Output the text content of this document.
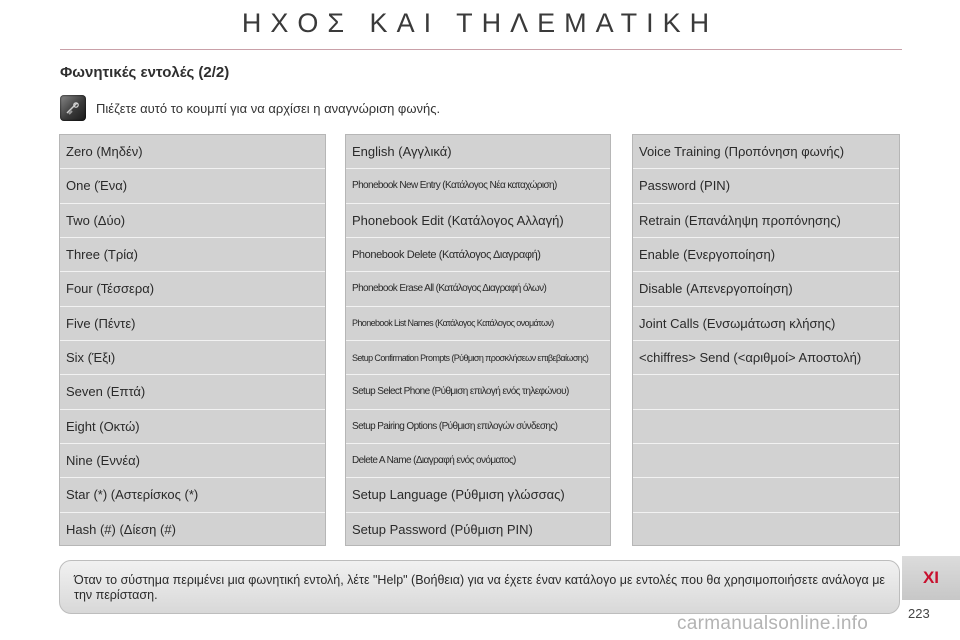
ΗΧΟΣ ΚΑΙ ΤΗΛΕΜΑΤΙΚΗ
Φωνητικές εντολές (2/2)
Πιέζετε αυτό το κουμπί για να αρχίσει η αναγνώριση φωνής.
Zero (Μηδέν)
One (Ένα)
Two (Δύο)
Three (Τρία)
Four (Τέσσερα)
Five (Πέντε)
Six (Έξι)
Seven (Επτά)
Eight (Οκτώ)
Nine (Εννέα)
Star (*) (Αστερίσκος (*)
Hash (#) (Δίεση (#)
English (Αγγλικά)
Phonebook New Entry (Κατάλογος Νέα καταχώριση)
Phonebook Edit (Κατάλογος Αλλαγή)
Phonebook Delete (Κατάλογος Διαγραφή)
Phonebook Erase All (Κατάλογος Διαγραφή όλων)
Phonebook List Names (Κατάλογος Κατάλογος ονομάτων)
Setup Confirmation Prompts (Ρύθμιση προσκλήσεων επιβεβαίωσης)
Setup Select Phone (Ρύθμιση επιλογή ενός τηλεφώνου)
Setup Pairing Options (Ρύθμιση επιλογών σύνδεσης)
Delete A Name (Διαγραφή ενός ονόματος)
Setup Language (Ρύθμιση γλώσσας)
Setup Password (Ρύθμιση PIN)
Voice Training (Προπόνηση φωνής)
Password (PIN)
Retrain (Επανάληψη προπόνησης)
Enable (Ενεργοποίηση)
Disable (Απενεργοποίηση)
Joint Calls (Ενσωμάτωση κλήσης)
<chiffres> Send (<αριθμοί> Αποστολή)
Όταν το σύστημα περιμένει μια φωνητική εντολή, λέτε "Help" (Βοήθεια) για να έχετε έναν κατάλογο με εντολές που θα χρησιμοποιήσετε ανάλογα με την περίσταση.
XI
223
carmanualsonline.info
